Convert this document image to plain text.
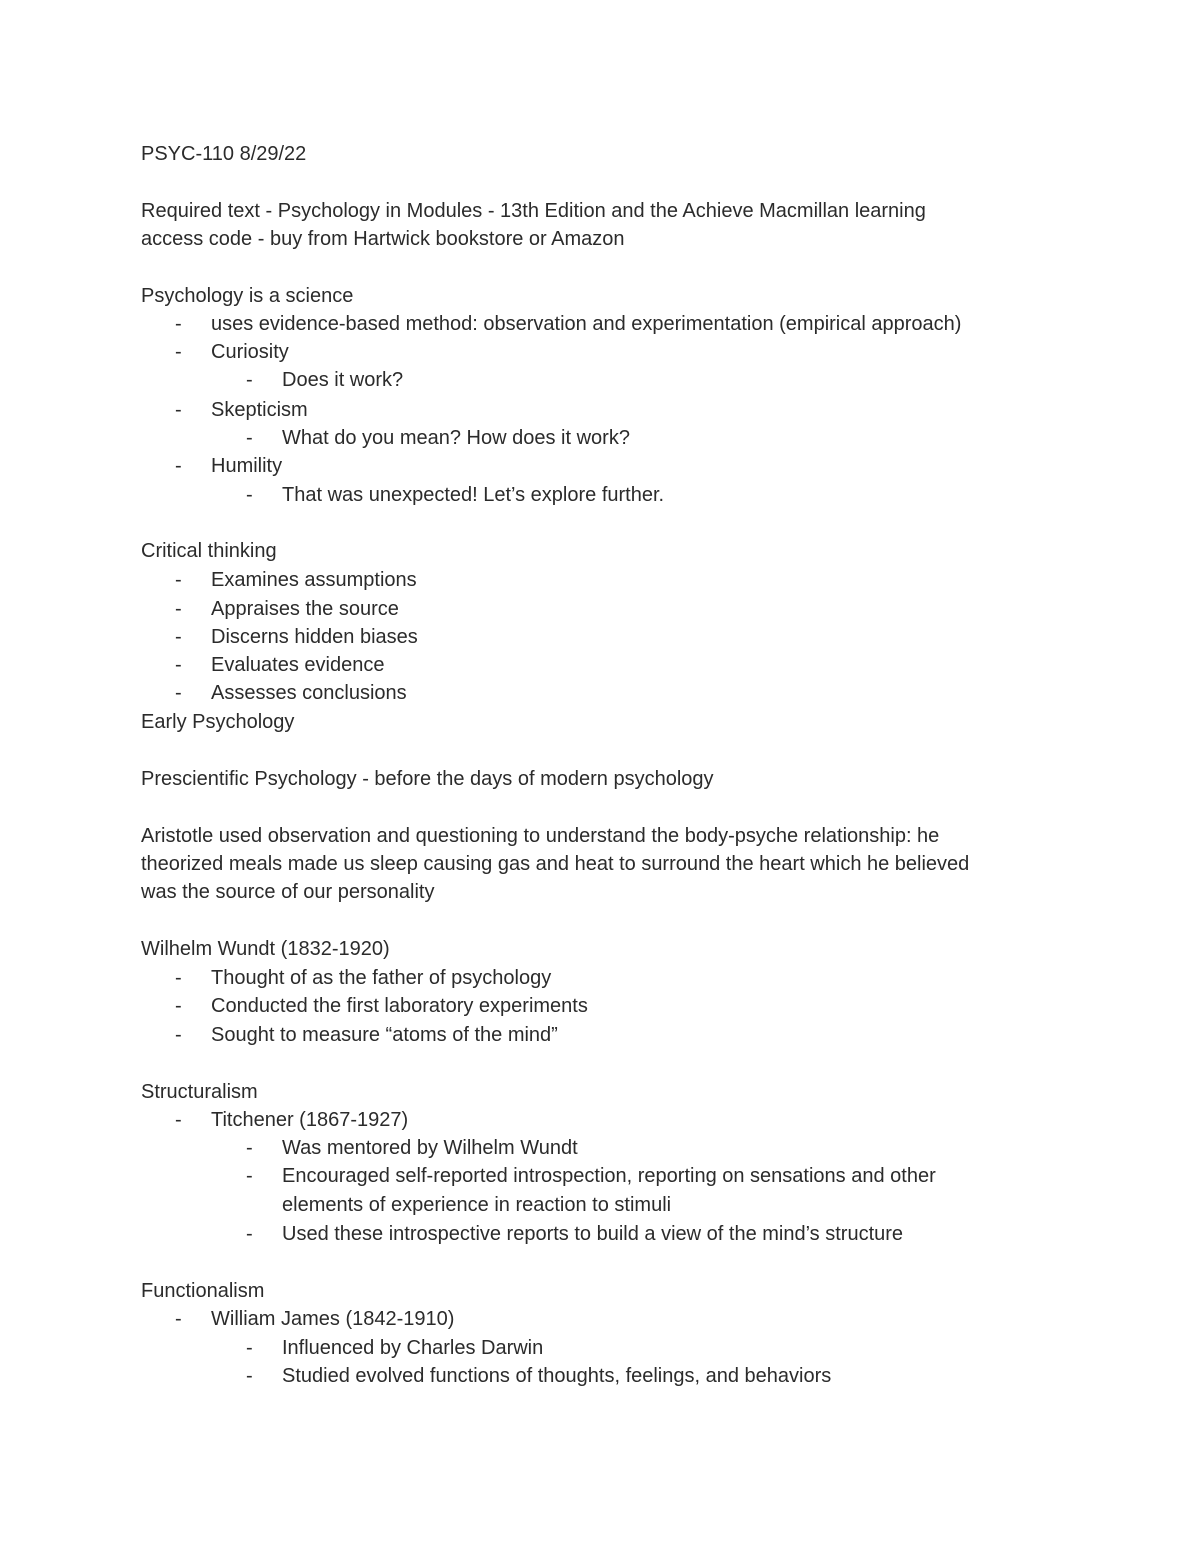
PSYC-110 8/29/22
Required text - Psychology in Modules - 13th Edition and the Achieve Macmillan learning
access code - buy from Hartwick bookstore or Amazon
Psychology is a science
- uses evidence-based method: observation and experimentation (empirical approach)
- Curiosity
- Does it work?
- Skepticism
- What do you mean? How does it work?
- Humility
- That was unexpected! Let’s explore further.
Critical thinking
- Examines assumptions
- Appraises the source
- Discerns hidden biases
- Evaluates evidence
- Assesses conclusions
Early Psychology
Prescientific Psychology - before the days of modern psychology
Aristotle used observation and questioning to understand the body-psyche relationship: he
theorized meals made us sleep causing gas and heat to surround the heart which he believed
was the source of our personality
Wilhelm Wundt (1832-1920)
- Thought of as the father of psychology
- Conducted the first laboratory experiments
- Sought to measure “atoms of the mind”
Structuralism
- Titchener (1867-1927)
- Was mentored by Wilhelm Wundt
- Encouraged self-reported introspection, reporting on sensations and other
elements of experience in reaction to stimuli
- Used these introspective reports to build a view of the mind’s structure
Functionalism
- William James (1842-1910)
- Influenced by Charles Darwin
- Studied evolved functions of thoughts, feelings, and behaviors
